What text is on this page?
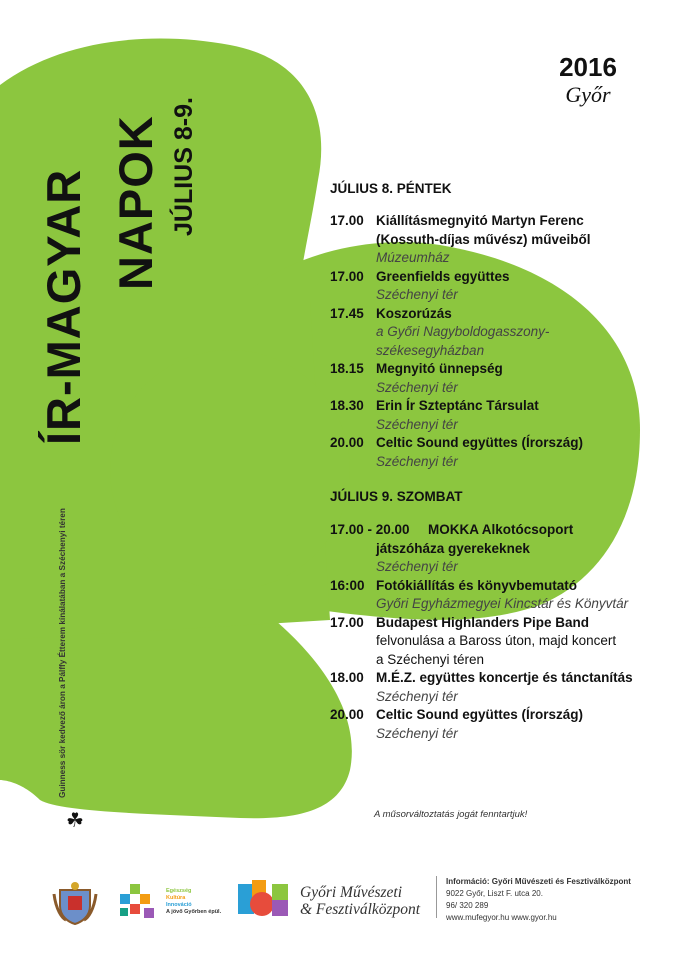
2016
Győr
ÍR-MAGYAR NAPOK JÚLIUS 8-9.
Guinness sör kedvező áron a Pálffy Étterem kínálatában a Széchenyi téren
☘
JÚLIUS 8. PÉNTEK
17.00 Kiállításmegnyitó Martyn Ferenc
(Kossuth-díjas művész) műveiből
Múzeumház
17.00 Greenfields együttes
Széchenyi tér
17.45 Koszorúzás
a Győri Nagyboldogasszony-
székesegyházban
18.15 Megnyitó ünnepség
Széchenyi tér
18.30 Erin Ír Szteptánc Társulat
Széchenyi tér
20.00 Celtic Sound együttes (Írország)
Széchenyi tér
JÚLIUS 9. SZOMBAT
17.00 - 20.00	MOKKA Alkotócsoport
játszóháza gyerekeknek
Széchenyi tér
16:00 Fotókiállítás és könyvbemutató
Győri Egyházmegyei Kincstár és Könyvtár
17.00 Budapest Highlanders Pipe Band
felvonulása a Baross úton, majd koncert
a Széchenyi téren
18.00 M.É.Z. együttes koncertje és tánctanítás
Széchenyi tér
20.00 Celtic Sound együttes (Írország)
Széchenyi tér
A műsorváltoztatás jogát fenntartjuk!
Egészség
Kultúra
Innováció
A jövő Győrben épül.
Győri Művészeti
& Fesztiválközpont
Információ: Győri Művészeti és Fesztiválközpont
9022 Győr, Liszt F. utca 20.
96/ 320 289
www.mufegyor.hu www.gyor.hu
